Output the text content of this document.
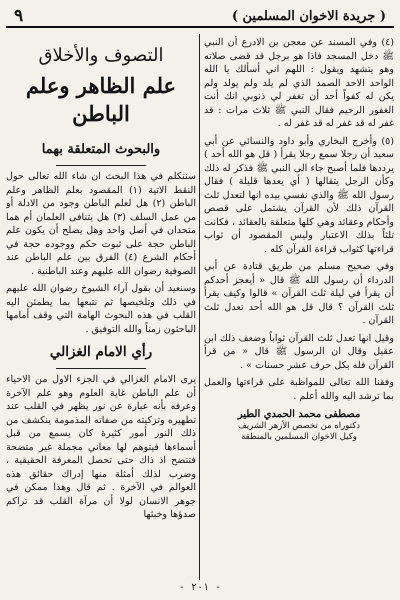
٩	( جريدة الاخوان المسلمين )

(٤) وفي المسند عن معجن بن الادرع أن النبي ﷺ دخل المسجد فاذا هو برجل قد قضى صلاته وهو يتشهد ويقول : اللهم اني أسألك يا الله الواحد الاحد الصمد الذي لم يلد ولم يولد ولم يكن له كفواً أحد أن تغفر لي ذنوبي انك أنت الغفور الرحيم فقال النبي ﷺ ثلاث مرات : قد غفر له قد غفر له قد غفر له .

(٥) وأخرج البخاري وأبو داود والنسائي عن أبي سعيد أن رجلا سمع رجلا يقرأ ( قل هو الله أحد ) يرددها فلما أصبح جاء الى النبي ﷺ فذكر له ذلك وكأن الرجل يتقالها ( أي يعدها قليلة ) فقال رسول الله ﷺ والذي نفسي بيده انها لتعدل ثلث القرآن ذلك لأن القرآن يشتمل على قصص وأحكام وعقائد وهي كلها متعلقة بالعقائد ، فكانت تلثاً بذلك الاعتبار وليس المقصود أن ثواب قراءتها كثواب قراءة القرآن كله .

وفي صحيح مسلم من طريق قتادة عن أبي الدرداء أن رسول الله ﷺ قال « أيعجز أحدكم أن يقرأ في ليلة ثلث القرآن » قالوا وكيف يقرأ ثلث القرآن ؟ قال قل هو الله أحد تعدل ثلث القرآن .

وقيل انها تعدل ثلث القرآن ثواباً وضعف ذلك ابن عقيل وقال ان الرسول ﷺ قال « من قرأ القرآن فله بكل حرف عشر حسنات » .

وفقنا الله تعالى للمواظبة على قراءتها والعمل بما ترشد اليه والله أعلم .

مصطفى محمد الحمدي الطير

دكتوراه من تخصص الأزهر الشريف

وكيل الاخوان المسلمين بالمنطقة

التصوف والأخلاق
علم الظاهر وعلم الباطن
والبحوث المتعلقة بهما

سنتكلم في هذا البحث ان شاء الله تعالى حول النقط الاتية (١) المقصود بعلم الظاهر وعلم الباطن (٢) هل لعلم الباطن وجود من الادلة أو من عمل السلف (٣) هل يتنافى العلمان أم هما متحدان في أصل واحد وهل يصلح أن يكون علم الباطن حجة على ثبوت حكم ووجوده حجة في أحكام الشرع (٤) الفرق بين علم الباطن عند الصوفية رضوان الله عليهم وعند الباطنية .

وسنعيد أن بقول آراء الشيوخ رضوان الله عليهم في ذلك وتلخيصها ثم نتبعها بما يطمئن اليه القلب في هذه البحوث الهامة التي وقف أمامها الباحثون زمناً والله التوفيق .

رأي الامام الغزالي

يرى الامام الغزالي في الجزء الاول من الاحياء أن علم الباطن غاية العلوم وهو علم الآخرة وعرفه بأنه عبارة عن نور يظهر في القلب عند تطهيره وتزكيته من صفاته المذمومة ينكشف من ذلك النور أمور كثيرة كان يسمع من قبل أسماءها فيتوهم لها معاني مجملة غير متضحة فتتضح اذ ذاك حتى تحصل المعرفة الحقيقية ، وضرب لذلك أمثلة منها إدراك حقائق هذه العوالم في الآخرة . ثم قال وهذا ممكن في جوهر الانسان لولا أن مرآة القلب قد تراكم صدؤها وخبثها

- ٢٠١ -
